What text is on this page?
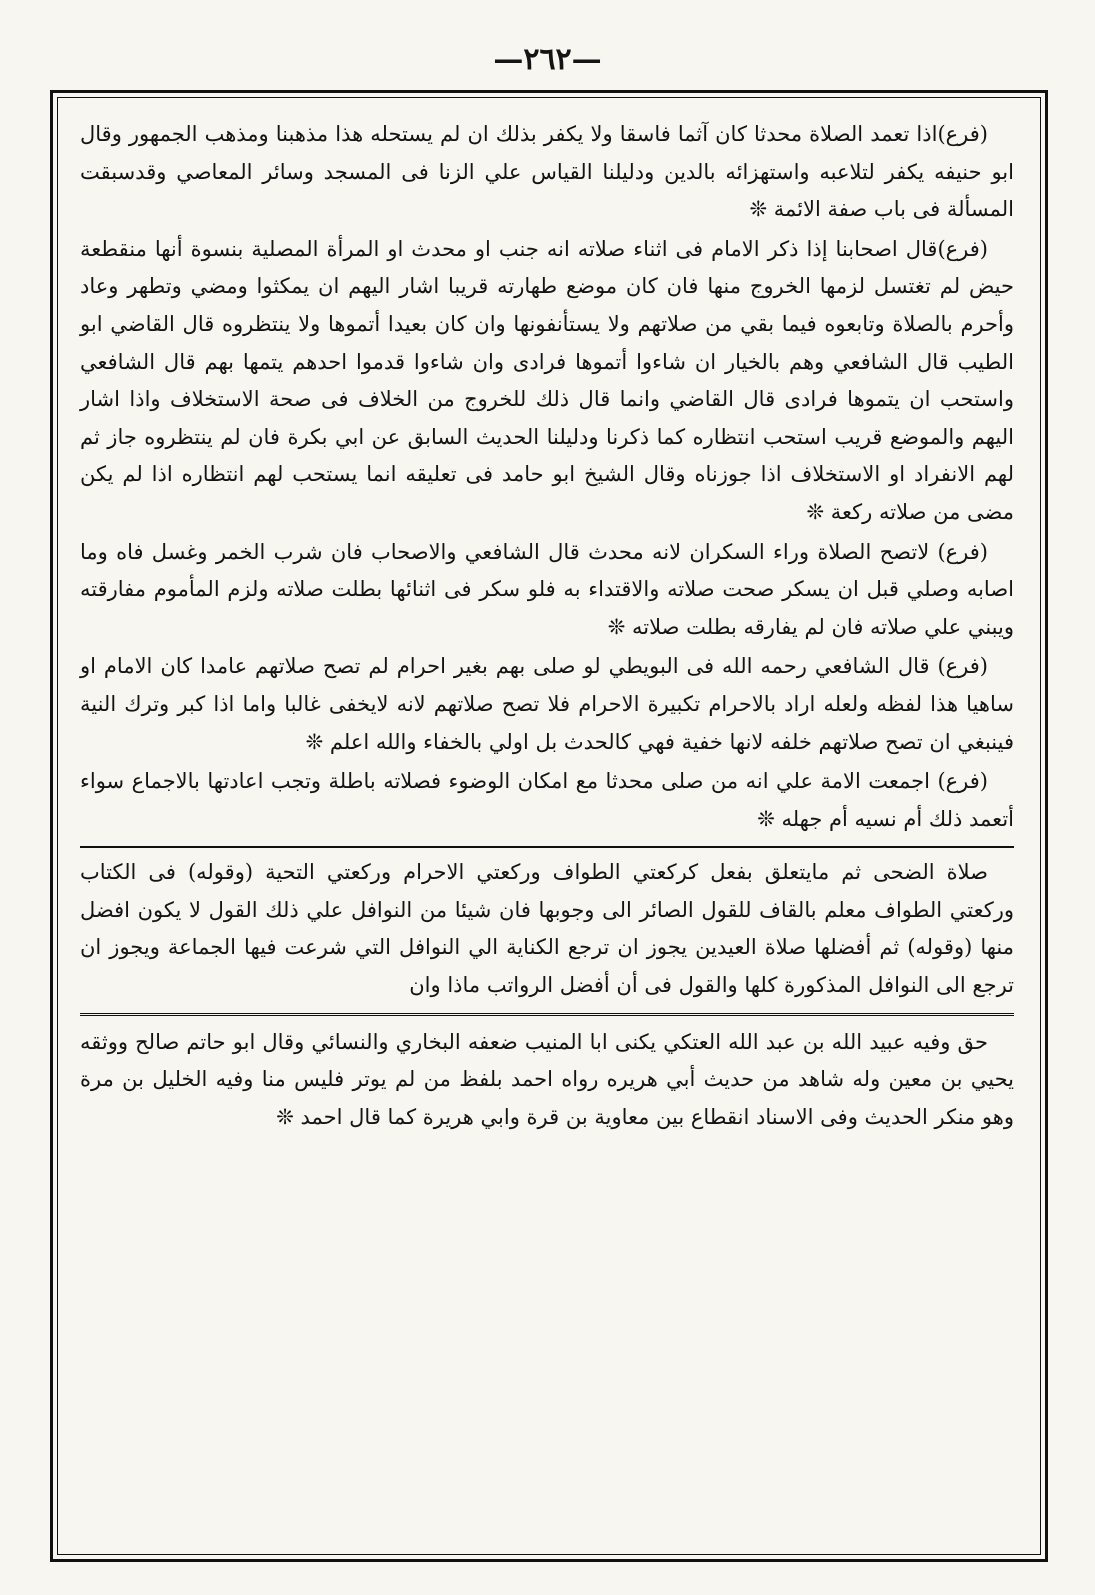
—٢٦٢—

(فرع)اذا تعمد الصلاة محدثا كان آثما فاسقا ولا يكفر بذلك ان لم يستحله هذا مذهبنا ومذهب الجمهور وقال ابو حنيفه يكفر لتلاعبه واستهزائه بالدين ودليلنا القياس علي الزنا فى المسجد وسائر المعاصي وقدسبقت المسألة فى باب صفة الائمة ❊

(فرع)قال اصحابنا إذا ذكر الامام فى اثناء صلاته انه جنب او محدث او المرأة المصلية بنسوة أنها منقطعة حيض لم تغتسل لزمها الخروج منها فان كان موضع طهارته قريبا اشار اليهم ان يمكثوا ومضي وتطهر وعاد وأحرم بالصلاة وتابعوه فيما بقي من صلاتهم ولا يستأنفونها وان كان بعيدا أتموها ولا ينتظروه قال القاضي ابو الطيب قال الشافعي وهم بالخيار ان شاءوا أتموها فرادى وان شاءوا قدموا احدهم يتمها بهم قال الشافعي واستحب ان يتموها فرادى قال القاضي وانما قال ذلك للخروج من الخلاف فى صحة الاستخلاف واذا اشار اليهم والموضع قريب استحب انتظاره كما ذكرنا ودليلنا الحديث السابق عن ابي بكرة فان لم ينتظروه جاز ثم لهم الانفراد او الاستخلاف اذا جوزناه وقال الشيخ ابو حامد فى تعليقه انما يستحب لهم انتظاره اذا لم يكن مضى من صلاته ركعة ❊

(فرع) لاتصح الصلاة وراء السكران لانه محدث قال الشافعي والاصحاب فان شرب الخمر وغسل فاه وما اصابه وصلي قبل ان يسكر صحت صلاته والاقتداء به فلو سكر فى اثنائها بطلت صلاته ولزم المأموم مفارقته ويبني علي صلاته فان لم يفارقه بطلت صلاته ❊

(فرع) قال الشافعي رحمه الله فى البويطي لو صلى بهم بغير احرام لم تصح صلاتهم عامدا كان الامام او ساهيا هذا لفظه ولعله اراد بالاحرام تكبيرة الاحرام فلا تصح صلاتهم لانه لايخفى غالبا واما اذا كبر وترك النية فينبغي ان تصح صلاتهم خلفه لانها خفية فهي كالحدث بل اولي بالخفاء والله اعلم ❊

(فرع) اجمعت الامة علي انه من صلى محدثا مع امكان الوضوء فصلاته باطلة وتجب اعادتها بالاجماع سواء أتعمد ذلك أم نسيه أم جهله ❊

صلاة الضحى ثم مايتعلق بفعل كركعتي الطواف وركعتي الاحرام وركعتي التحية (وقوله) فى الكتاب وركعتي الطواف معلم بالقاف للقول الصائر الى وجوبها فان شيئا من النوافل علي ذلك القول لا يكون افضل منها (وقوله) ثم أفضلها صلاة العيدين يجوز ان ترجع الكناية الي النوافل التي شرعت فيها الجماعة ويجوز ان ترجع الى النوافل المذكورة كلها والقول فى أن أفضل الرواتب ماذا وان

حق وفيه عبيد الله بن عبد الله العتكي يكنى ابا المنيب ضعفه البخاري والنسائي وقال ابو حاتم صالح ووثقه يحيي بن معين وله شاهد من حديث أبي هريره رواه احمد بلفظ من لم يوتر فليس منا وفيه الخليل بن مرة وهو منكر الحديث وفى الاسناد انقطاع بين معاوية بن قرة وابي هريرة كما قال احمد ❊
